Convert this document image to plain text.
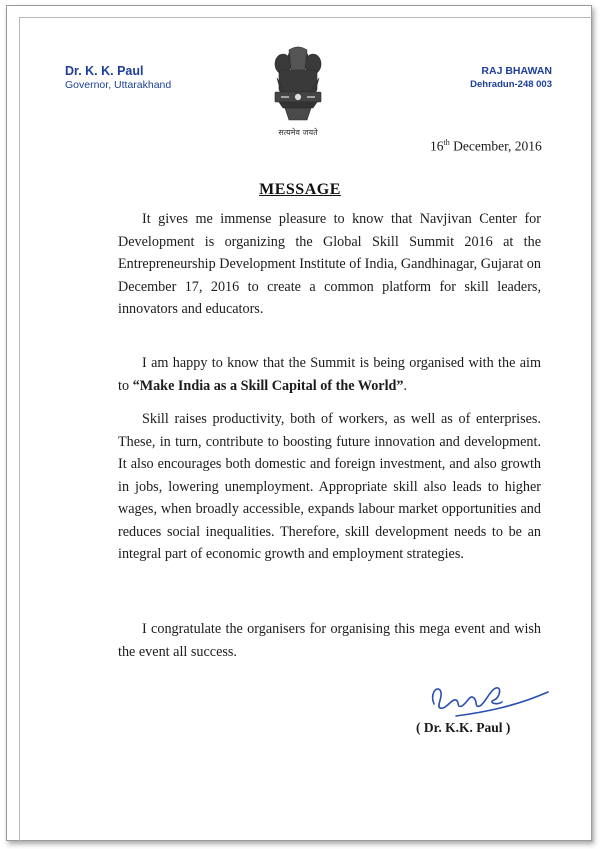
Dr. K. K. Paul
Governor, Uttarakhand
RAJ BHAWAN
Dehradun-248 003
सत्यमेव जयते
16th December, 2016
MESSAGE
It gives me immense pleasure to know that Navjivan Center for Development is organizing the Global Skill Summit 2016 at the Entrepreneurship Development Institute of India, Gandhinagar, Gujarat on December 17, 2016 to create a common platform for skill leaders, innovators and educators.
I am happy to know that the Summit is being organised with the aim to “Make India as a Skill Capital of the World”.
Skill raises productivity, both of workers, as well as of enterprises. These, in turn, contribute to boosting future innovation and development. It also encourages both domestic and foreign investment, and also growth in jobs, lowering unemployment. Appropriate skill also leads to higher wages, when broadly accessible, expands labour market opportunities and reduces social inequalities. Therefore, skill development needs to be an integral part of economic growth and employment strategies.
I congratulate the organisers for organising this mega event and wish the event all success.
( Dr. K.K. Paul )
